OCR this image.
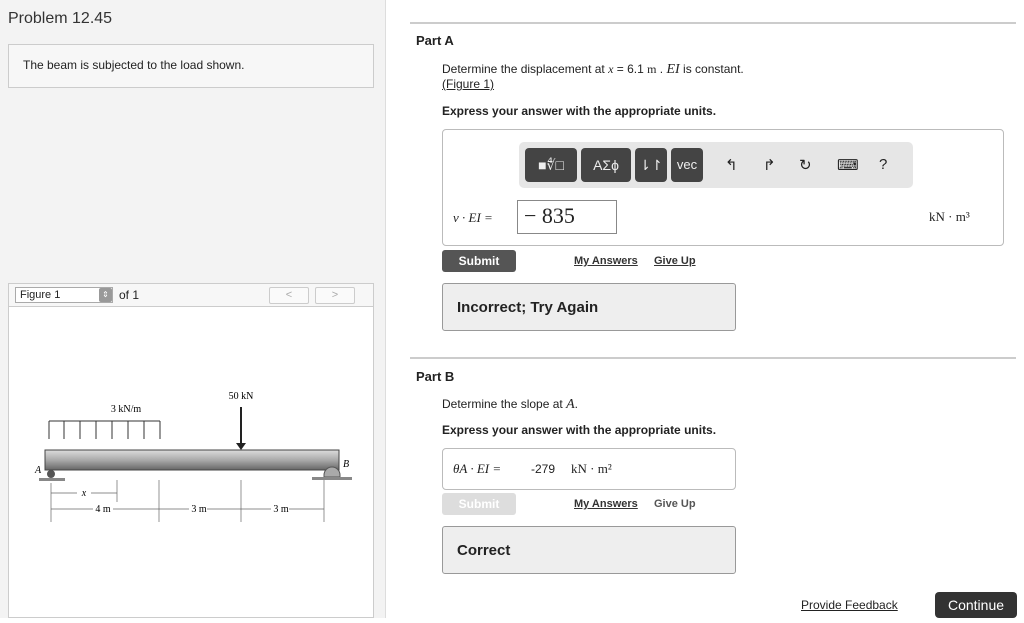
Problem 12.45
The beam is subjected to the load shown.
Figure 1	⇕ of 1	<	>
3 kN/m
50 kN
A
B
x
4 m	3 m	3 m
Part A
Determine the displacement at x = 6.1 m . EI is constant.
(Figure 1)
Express your answer with the appropriate units.
■∜□	ΑΣϕ	⇂↾	vec	↰ ↱ ↻ ⌨ ?
v · EI =	− 835	kN · m³
Submit	My Answers Give Up
Incorrect; Try Again
Part B
Determine the slope at A.
Express your answer with the appropriate units.
θA · EI = -279 kN · m²
Submit	My Answers Give Up
Correct
Provide Feedback	Continue
